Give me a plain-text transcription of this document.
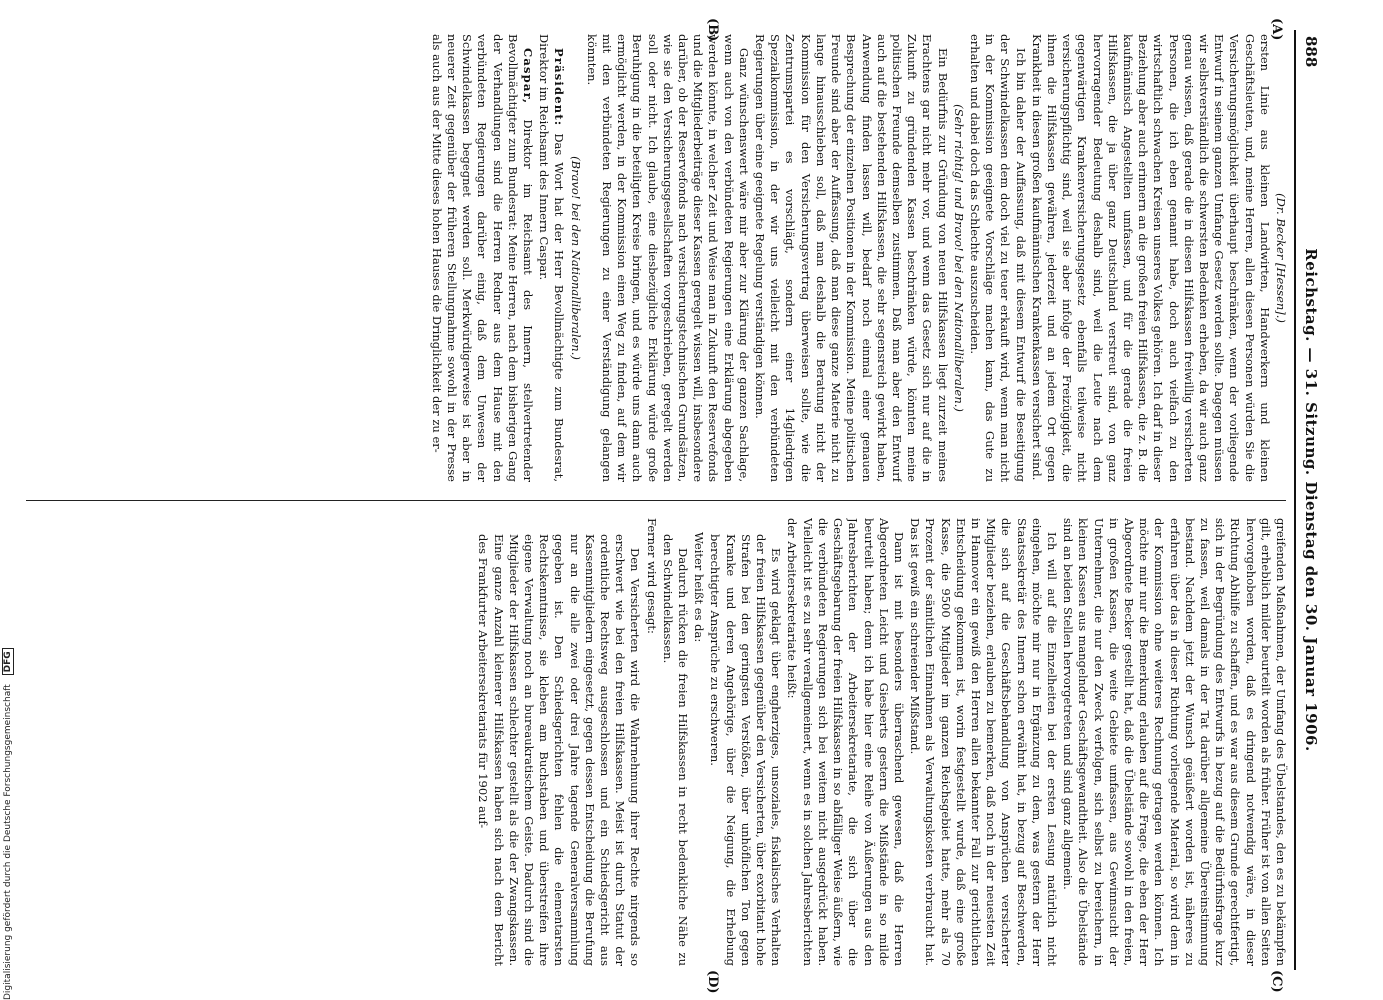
888
Reichstag. — 31. Sitzung. Dienstag den 30. Januar 1906.
(A)
(B)
(C)
(D)

(Dr. Becker [Hessen].)

ersten Linie aus kleinen Landwirten, Handwerkern und kleinen Geschäftsleuten, und, meine Herren, allen diesen Personen würden Sie die Versicherungsmöglichkeit überhaupt beschränken, wenn der vorliegende Entwurf in seinem ganzen Umfange Gesetz werden sollte. Dagegen müssen wir selbstverständlich die schwersten Bedenken erheben, da wir auch ganz genau wissen, daß gerade die in diesen Hilfskassen freiwillig versicherten Personen, die ich eben genannt habe, doch auch vielfach zu den wirtschaftlich schwachen Kreisen unseres Volkes gehören. Ich darf in dieser Beziehung aber auch erinnern an die großen freien Hilfskassen, die z. B. die kaufmännisch Angestellten umfassen, und für die gerade die freien Hilfskassen, die ja über ganz Deutschland verstreut sind, von ganz hervorragender Bedeutung deshalb sind, weil die Leute nach dem gegenwärtigen Krankenversicherungsgesetz ebenfalls teilweise nicht versicherungspflichtig sind, weil sie aber infolge der Freizügigkeit, die ihnen die Hilfskassen gewähren, jederzeit und an jedem Ort gegen Krankheit in diesen großen kaufmännischen Krankenkassen versichert sind.

Ich bin daher der Auffassung, daß mit diesem Entwurf die Beseitigung der Schwindelkassen dem doch viel zu teuer erkauft wird, wenn man nicht in der Kommission geeignete Vorschläge machen kann, das Gute zu erhalten und dabei doch das Schlechte auszuscheiden.

(Sehr richtig! und Bravo! bei den Nationalliberalen.)

Ein Bedürfnis zur Gründung von neuen Hilfskassen liegt zurzeit meines Erachtens gar nicht mehr vor, und wenn das Gesetz sich nur auf die in Zukunft zu gründenden Kassen beschränken würde, könnten meine politischen Freunde demselben zustimmen. Daß man aber den Entwurf auch auf die bestehenden Hilfskassen, die sehr segensreich gewirkt haben, Anwendung finden lassen will, bedarf noch einmal einer genauen Besprechung der einzelnen Positionen in der Kommission. Meine politischen Freunde sind aber der Auffassung, daß man diese ganze Materie nicht zu lange hinausschieben soll, daß man deshalb die Beratung nicht der Kommission für den Versicherungsvertrag überweisen sollte, wie die Zentrumspartei es vorschlägt, sondern einer 14gliedrigen Spezialkommission, in der wir uns vielleicht mit den verbündeten Regierungen über eine geeignete Regelung verständigen können.

Ganz wünschenswert wäre mir aber zur Klärung der ganzen Sachlage, wenn auch von den verbündeten Regierungen eine Erklärung abgegeben werden könnte, in welcher Zeit und Weise man in Zukunft den Reservefonds und die Mitgliederbeiträge dieser Kassen geregelt wissen will, insbesondere darüber, ob der Reservefonds nach versicherungstechnischen Grundsätzen, wie sie den Versicherungsgesellschaften vorgeschrieben, geregelt werden soll oder nicht. Ich glaube, eine diesbezügliche Erklärung würde große Beruhigung in die beteiligten Kreise bringen, und es würde uns dann auch ermöglicht werden, in der Kommission einen Weg zu finden, auf dem wir mit den verbündeten Regierungen zu einer Verständigung gelangen könnten.

(Bravo! bei den Nationalliberalen.)

Präsident: Das Wort hat der Herr Bevollmächtigte zum Bundesrat, Direktor im Reichsamt des Innern Caspar.

Caspar, Direktor im Reichsamt des Innern, stellvertretender Bevollmächtigter zum Bundesrat: Meine Herren, nach dem bisherigen Gang der Verhandlungen sind die Herren Redner aus dem Hause mit den verbündeten Regierungen darüber einig, daß dem Unwesen der Schwindelkassen begegnet werden soll. Merkwürdigerweise ist aber in neuerer Zeit gegenüber der früheren Stellungnahme sowohl in der Presse als auch aus der Mitte dieses hohen Hauses die Dringlichkeit der zu er-

greifenden Maßnahmen, der Umfang des Übelstandes, den es zu bekämpfen gilt, erheblich milder beurteilt worden als früher. Früher ist von allen Seiten hervorgehoben worden, daß es dringend notwendig wäre, in dieser Richtung Abhilfe zu schaffen, und es war aus diesem Grunde gerechtfertigt, sich in der Begründung des Entwurfs in bezug auf die Bedürfnisfrage kurz zu fassen, weil damals in der Tat darüber allgemeine Übereinstimmung bestand. Nachdem jetzt der Wunsch geäußert worden ist, näheres zu erfahren über das in dieser Richtung vorliegende Material, so wird dem in der Kommission ohne weiteres Rechnung getragen werden können. Ich möchte mir nur die Bemerkung erlauben auf die Frage, die eben der Herr Abgeordnete Becker gestellt hat, daß die Übelstände sowohl in den freien, in großen Kassen, die weite Gebiete umfassen, aus Gewinnsucht der Unternehmer, die nur den Zweck verfolgen, sich selbst zu bereichern, in kleinen Kassen aus mangelnder Geschäftsgewandtheit. Also die Übelstände sind an beiden Stellen hervorgetreten und sind ganz allgemein.

Ich will auf die Einzelheiten bei der ersten Lesung natürlich nicht eingehen, möchte mir nur in Ergänzung zu dem, was gestern der Herr Staatssekretär des Innern schon erwähnt hat, in bezug auf Beschwerden, die sich auf die Geschäftsbehandlung von Ansprüchen versicherter Mitglieder beziehen, erlauben zu bemerken, daß noch in der neuesten Zeit in Hannover ein gewiß den Herren allen bekannter Fall zur gerichtlichen Entscheidung gekommen ist, worin festgestellt wurde, daß eine große Kasse, die 9500 Mitglieder im ganzen Reichsgebiet hatte, mehr als 70 Prozent der sämtlichen Einnahmen als Verwaltungskosten verbraucht hat. Das ist gewiß ein schreiender Mißstand.

Dann ist mit besonders überraschend gewesen, daß die Herren Abgeordneten Leicht und Giesberts gestern die Mißstände in so milde beurteilt haben; denn ich habe hier eine Reihe von Äußerungen aus den Jahresberichten der Arbeitersekretariate, die sich über die Geschäftsgebarung der freien Hilfskassen in so abfälliger Weise äußern, wie die verbündeten Regierungen sich bei weitem nicht ausgedrückt haben. Vielleicht ist es zu sehr verallgemeinert, wenn es in solchen Jahresberichten der Arbeitersekretariate heißt:

Es wird geklagt über engherziges, unsoziales, fiskalisches Verhalten der freien Hilfskassen gegenüber den Versicherten, über exorbitant hohe Strafen bei den geringsten Verstößen, über unhöflichen Ton gegen Kranke und deren Angehörige, über die Neigung, die Erhebung berechtigter Ansprüche zu erschweren.

Weiter heißt es da:

Dadurch rücken die freien Hilfskassen in recht bedenkliche Nähe zu den Schwindelkassen.

Ferner wird gesagt:

Den Versicherten wird die Wahrnehmung ihrer Rechte nirgends so erschwert wie bei den freien Hilfskassen. Meist ist durch Statut der ordentliche Rechtsweg ausgeschlossen und ein Schiedsgericht aus Kassenmitgliedern eingesetzt, gegen dessen Entscheidung die Berufung nur an die alle zwei oder drei Jahre tagende Generalversammlung gegeben ist. Den Schiedsgerichten fehlen die elementarsten Rechtskenntnisse, sie kleben am Buchstaben und überstreifen ihre eigene Verwaltung noch an bureaukratischem Geiste. Dadurch sind die Mitglieder der Hilfskassen schlechter gestellt als die der Zwangskassen. Eine ganze Anzahl kleinerer Hilfskassen haben sich nach dem Bericht des Frankfurter Arbeitersekretariats für 1902 auf-

Digitalisierung gefördert durch die Deutsche Forschungsgemeinschaft DFG
